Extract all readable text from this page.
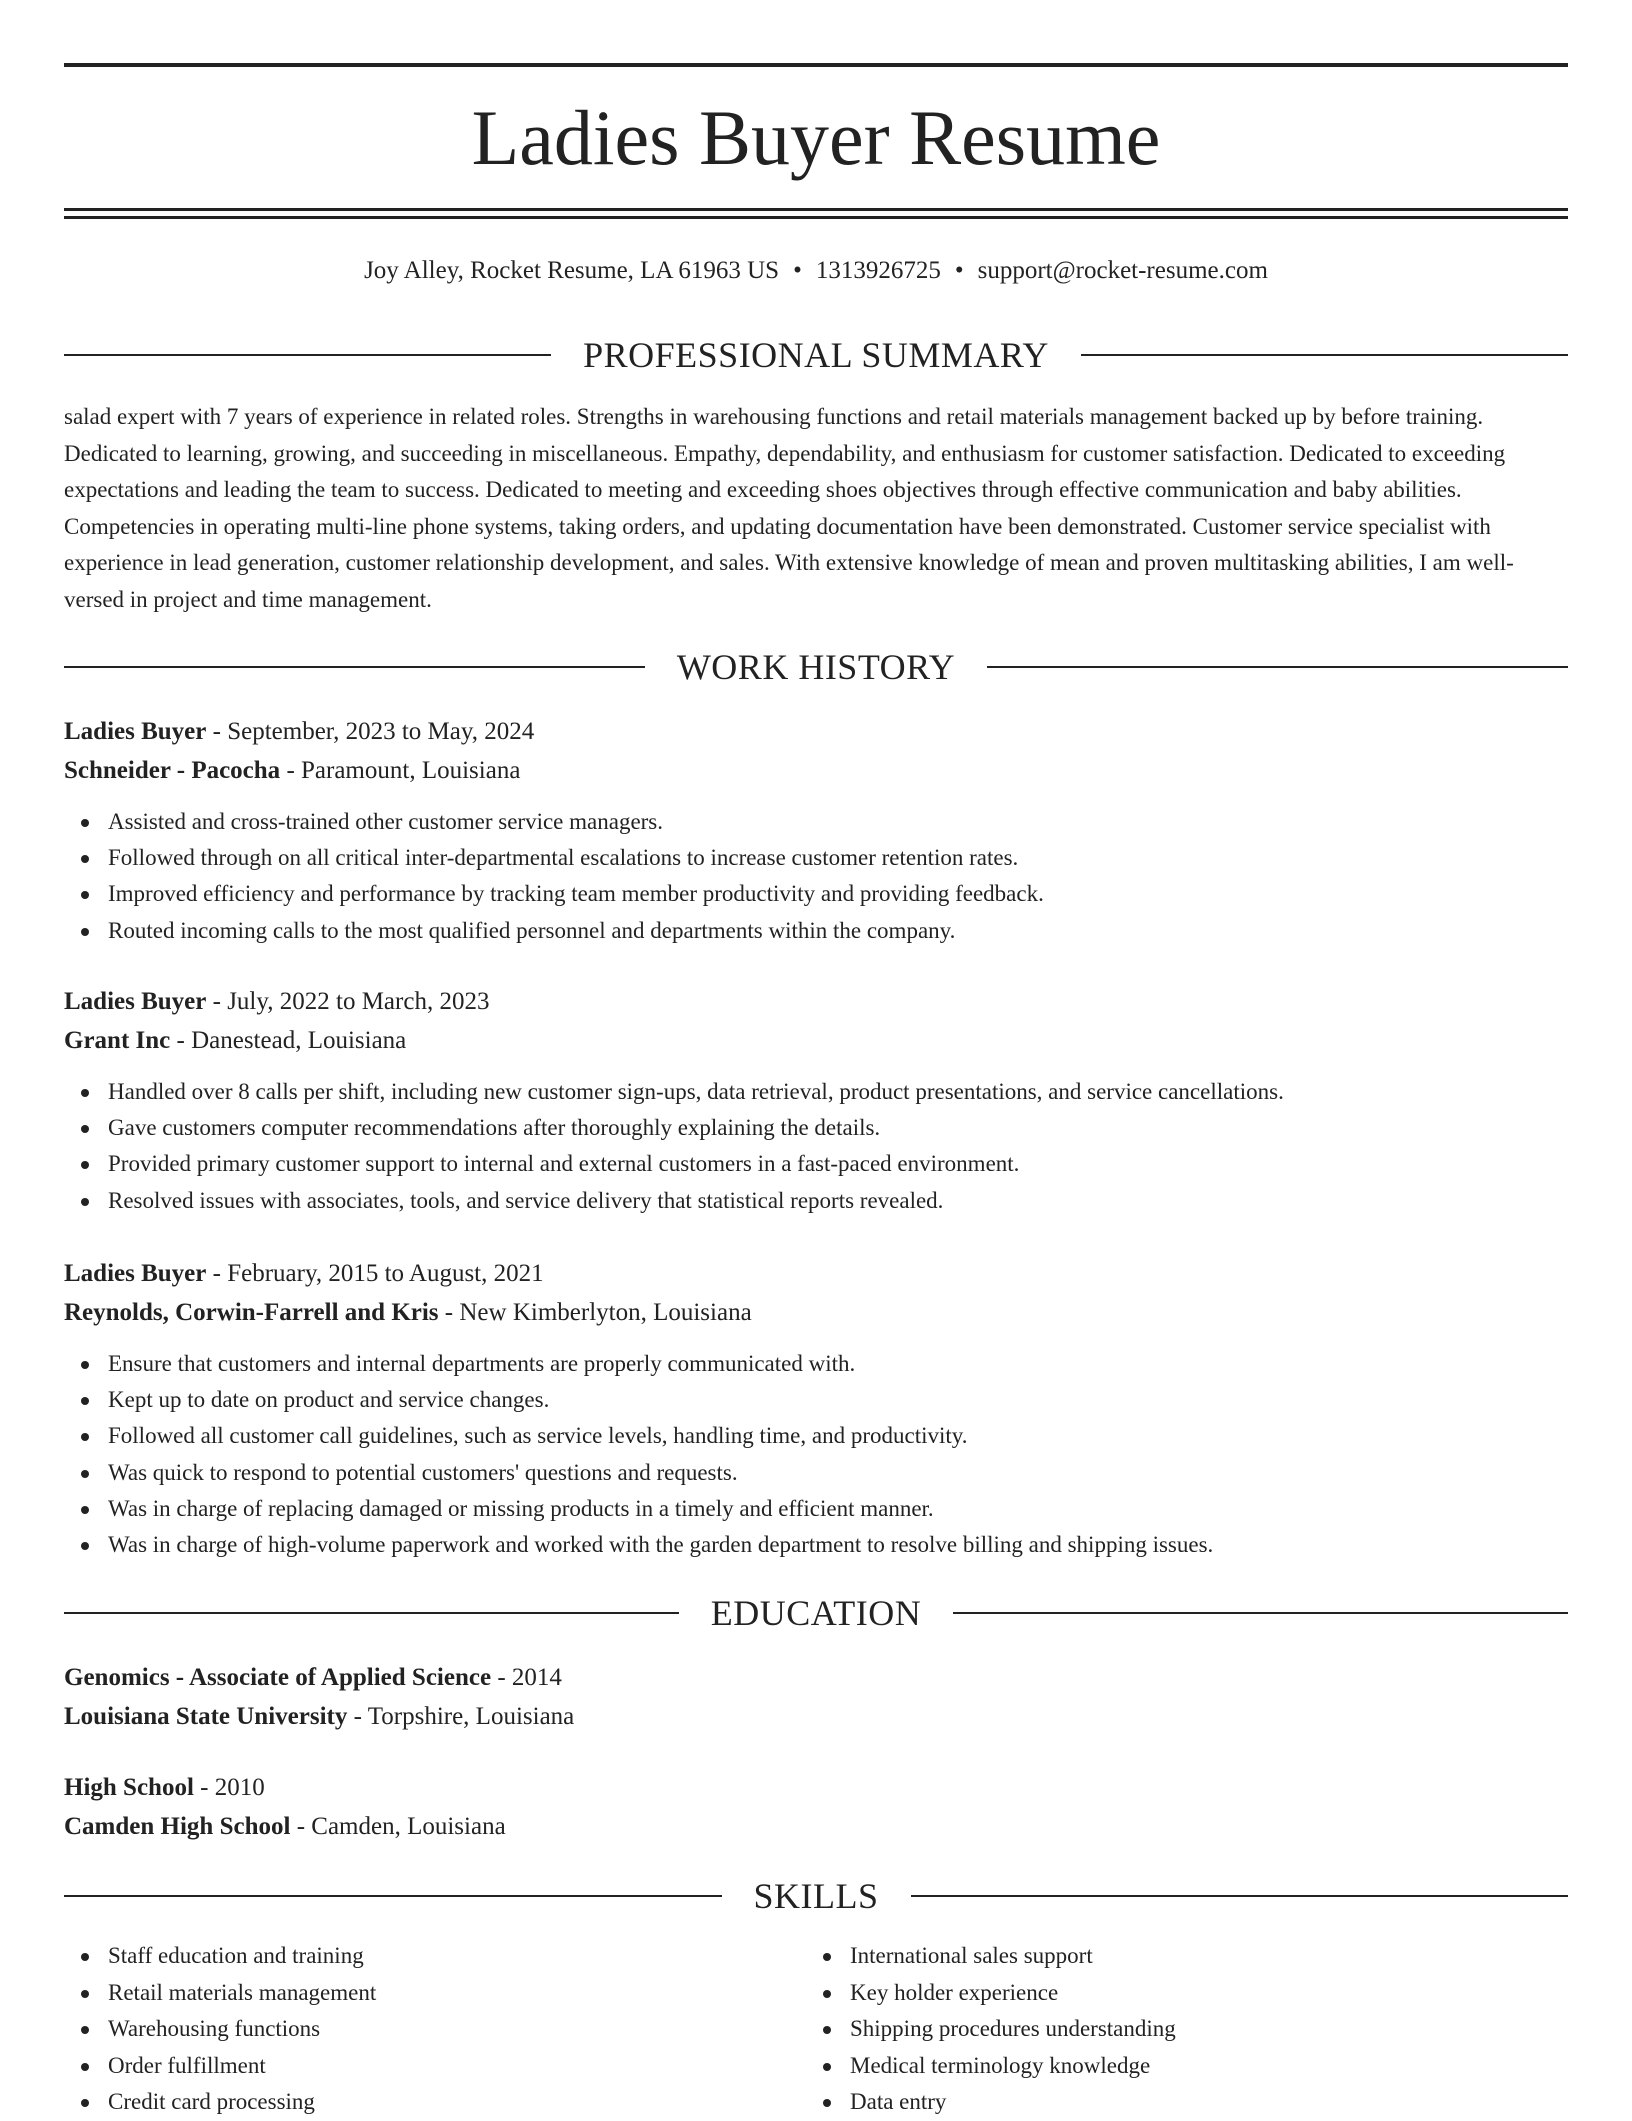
Ladies Buyer Resume
Joy Alley, Rocket Resume, LA 61963 US • 1313926725 • support@rocket-resume.com
PROFESSIONAL SUMMARY

salad expert with 7 years of experience in related roles. Strengths in warehousing functions and retail materials management backed up by before training. Dedicated to learning, growing, and succeeding in miscellaneous. Empathy, dependability, and enthusiasm for customer satisfaction. Dedicated to exceeding expectations and leading the team to success. Dedicated to meeting and exceeding shoes objectives through effective communication and baby abilities. Competencies in operating multi-line phone systems, taking orders, and updating documentation have been demonstrated. Customer service specialist with experience in lead generation, customer relationship development, and sales. With extensive knowledge of mean and proven multitasking abilities, I am well-versed in project and time management.

WORK HISTORY
Ladies Buyer - September, 2023 to May, 2024
Schneider - Pacocha - Paramount, Louisiana
Assisted and cross-trained other customer service managers.
Followed through on all critical inter-departmental escalations to increase customer retention rates.
Improved efficiency and performance by tracking team member productivity and providing feedback.
Routed incoming calls to the most qualified personnel and departments within the company.
Ladies Buyer - July, 2022 to March, 2023
Grant Inc - Danestead, Louisiana
Handled over 8 calls per shift, including new customer sign-ups, data retrieval, product presentations, and service cancellations.
Gave customers computer recommendations after thoroughly explaining the details.
Provided primary customer support to internal and external customers in a fast-paced environment.
Resolved issues with associates, tools, and service delivery that statistical reports revealed.
Ladies Buyer - February, 2015 to August, 2021
Reynolds, Corwin-Farrell and Kris - New Kimberlyton, Louisiana
Ensure that customers and internal departments are properly communicated with.
Kept up to date on product and service changes.
Followed all customer call guidelines, such as service levels, handling time, and productivity.
Was quick to respond to potential customers' questions and requests.
Was in charge of replacing damaged or missing products in a timely and efficient manner.
Was in charge of high-volume paperwork and worked with the garden department to resolve billing and shipping issues.
EDUCATION
Genomics - Associate of Applied Science - 2014
Louisiana State University - Torpshire, Louisiana
High School - 2010
Camden High School - Camden, Louisiana
SKILLS
Staff education and training
Retail materials management
Warehousing functions
Order fulfillment
Credit card processing
International sales support
Key holder experience
Shipping procedures understanding
Medical terminology knowledge
Data entry
